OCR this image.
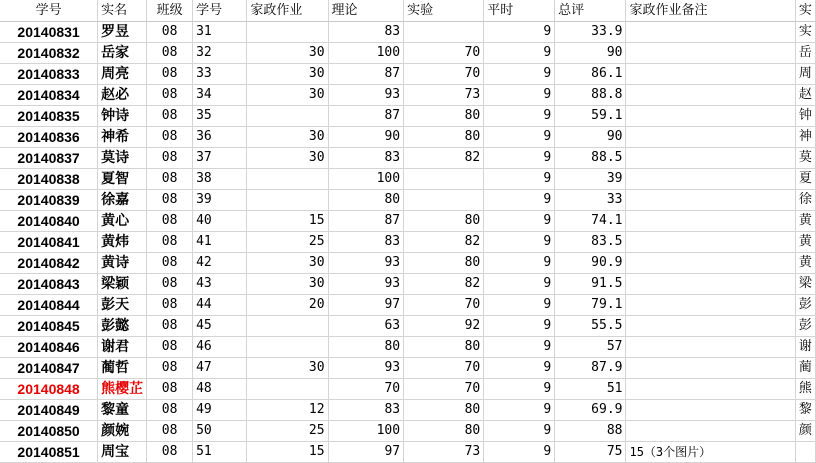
学号	实名	班级	学号	家政作业	理论	实验	平时	总评	家政作业备注	实
20140831	罗昱	08	31		83		9	33.9		实
20140832	岳家	08	32	30	100	70	9	90		岳
20140833	周亮	08	33	30	87	70	9	86.1		周
20140834	赵必	08	34	30	93	73	9	88.8		赵
20140835	钟诗	08	35		87	80	9	59.1		钟
20140836	神希	08	36	30	90	80	9	90		神
20140837	莫诗	08	37	30	83	82	9	88.5		莫
20140838	夏智	08	38		100		9	39		夏
20140839	徐嘉	08	39		80		9	33		徐
20140840	黄心	08	40	15	87	80	9	74.1		黄
20140841	黄炜	08	41	25	83	82	9	83.5		黄
20140842	黄诗	08	42	30	93	80	9	90.9		黄
20140843	梁颖	08	43	30	93	82	9	91.5		梁
20140844	彭天	08	44	20	97	70	9	79.1		彭
20140845	彭懿	08	45		63	92	9	55.5		彭
20140846	谢君	08	46		80	80	9	57		谢
20140847	蔺哲	08	47	30	93	70	9	87.9		蔺
20140848	熊樱芷	08	48		70	70	9	51		熊
20140849	黎童	08	49	12	83	80	9	69.9		黎
20140850	颜婉	08	50	25	100	80	9	88		颜
20140851	周宝	08	51	15	97	73	9	75	15（3个图片）	
